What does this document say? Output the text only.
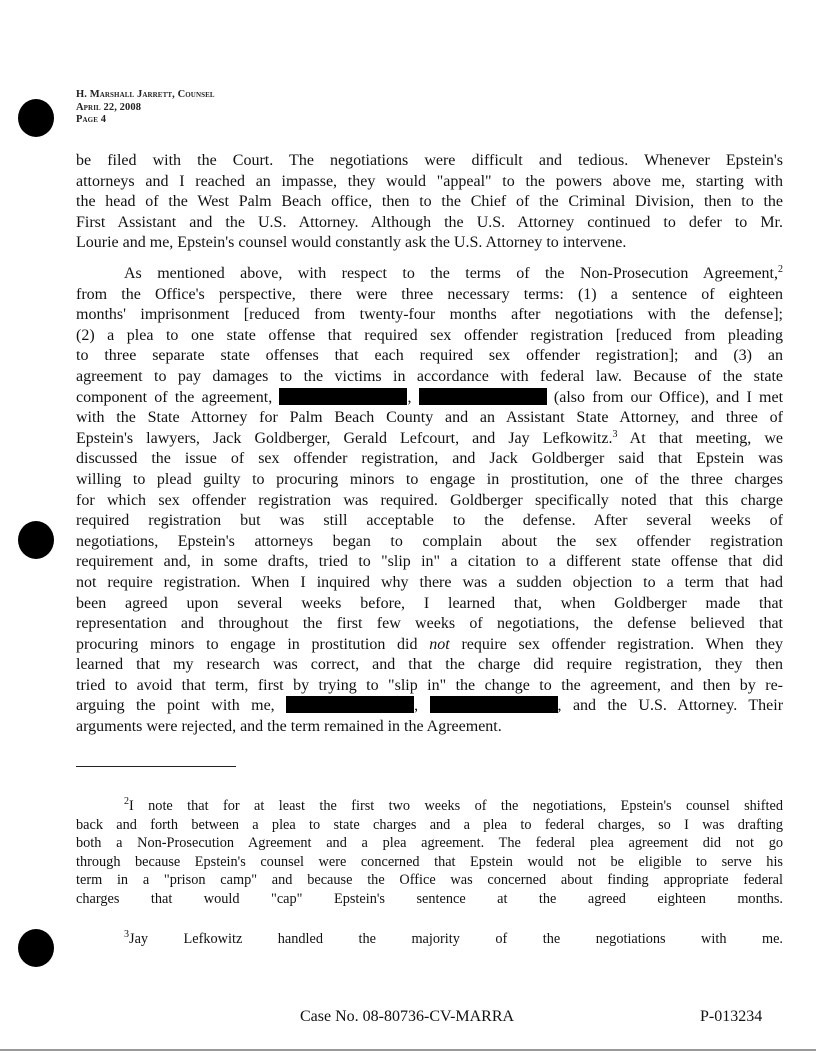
H. Marshall Jarrett, Counsel
April 22, 2008
Page 4
be filed with the Court. The negotiations were difficult and tedious. Whenever Epstein's
attorneys and I reached an impasse, they would "appeal" to the powers above me, starting with
the head of the West Palm Beach office, then to the Chief of the Criminal Division, then to the
First Assistant and the U.S. Attorney. Although the U.S. Attorney continued to defer to Mr.
Lourie and me, Epstein's counsel would constantly ask the U.S. Attorney to intervene.
As mentioned above, with respect to the terms of the Non-Prosecution Agreement,$^2$
from the Office's perspective, there were three necessary terms: (1) a sentence of eighteen
months' imprisonment [reduced from twenty-four months after negotiations with the defense];
(2) a plea to one state offense that required sex offender registration [reduced from pleading
to three separate state offenses that each required sex offender registration]; and (3) an
agreement to pay damages to the victims in accordance with federal law. Because of the state
component of the agreement,	,	(also from our Office), and I met
with the State Attorney for Palm Beach County and an Assistant State Attorney, and three of
Epstein's lawyers, Jack Goldberger, Gerald Lefcourt, and Jay Lefkowitz.$^3$ At that meeting, we
discussed the issue of sex offender registration, and Jack Goldberger said that Epstein was
willing to plead guilty to procuring minors to engage in prostitution, one of the three charges
for which sex offender registration was required. Goldberger specifically noted that this charge
required registration but was still acceptable to the defense. After several weeks of
negotiations, Epstein's attorneys began to complain about the sex offender registration
requirement and, in some drafts, tried to "slip in" a citation to a different state offense that did
not require registration. When I inquired why there was a sudden objection to a term that had
been agreed upon several weeks before, I learned that, when Goldberger made that
representation and throughout the first few weeks of negotiations, the defense believed that
procuring minors to engage in prostitution did not require sex offender registration. When they
learned that my research was correct, and that the charge did require registration, they then
tried to avoid that term, first by trying to "slip in" the change to the agreement, and then by re-
arguing the point with me,	,	, and the U.S. Attorney. Their
arguments were rejected, and the term remained in the Agreement.
$^2$I note that for at least the first two weeks of the negotiations, Epstein's counsel shifted
back and forth between a plea to state charges and a plea to federal charges, so I was drafting
both a Non-Prosecution Agreement and a plea agreement. The federal plea agreement did not go
through because Epstein's counsel were concerned that Epstein would not be eligible to serve his
term in a "prison camp" and because the Office was concerned about finding appropriate federal
charges that would "cap" Epstein's sentence at the agreed eighteen months.
$^3$Jay Lefkowitz handled the majority of the negotiations with me.
Case No. 08-80736-CV-MARRA	P-013234
